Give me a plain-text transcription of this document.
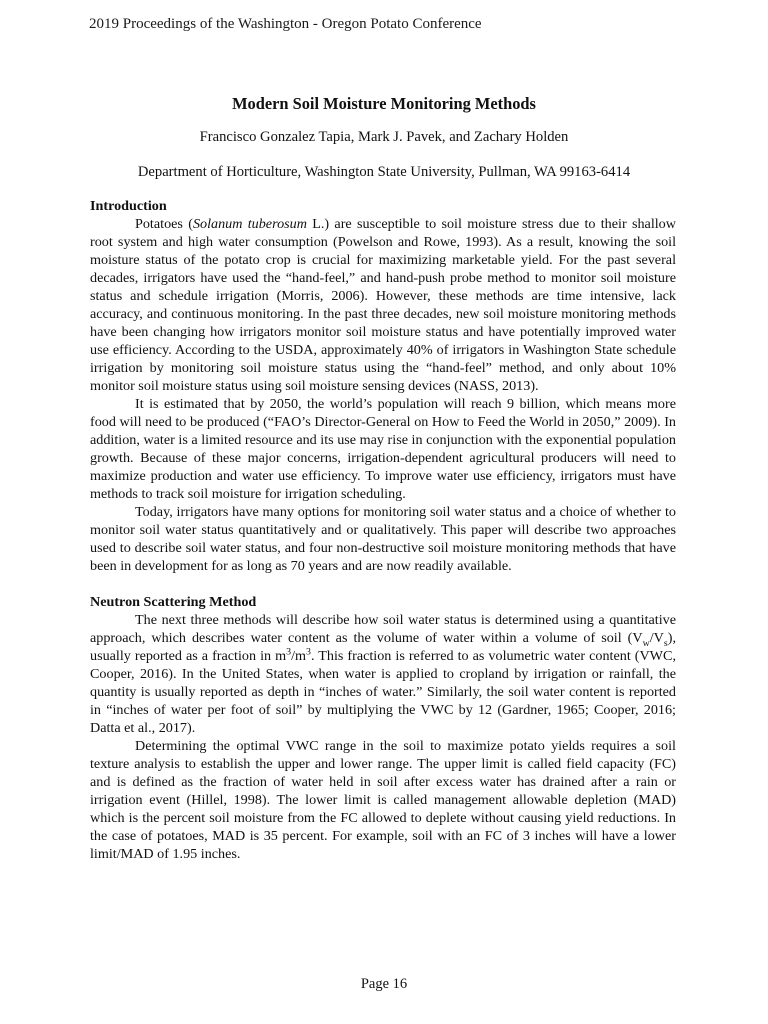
2019 Proceedings of the Washington - Oregon Potato Conference
Modern Soil Moisture Monitoring Methods
Francisco Gonzalez Tapia, Mark J. Pavek, and Zachary Holden
Department of Horticulture, Washington State University, Pullman, WA 99163-6414
Introduction

Potatoes (Solanum tuberosum L.) are susceptible to soil moisture stress due to their shallow root system and high water consumption (Powelson and Rowe, 1993). As a result, knowing the soil moisture status of the potato crop is crucial for maximizing marketable yield. For the past several decades, irrigators have used the “hand-feel,” and hand-push probe method to monitor soil moisture status and schedule irrigation (Morris, 2006). However, these methods are time intensive, lack accuracy, and continuous monitoring. In the past three decades, new soil moisture monitoring methods have been changing how irrigators monitor soil moisture status and have potentially improved water use efficiency. According to the USDA, approximately 40% of irrigators in Washington State schedule irrigation by monitoring soil moisture status using the “hand-feel” method, and only about 10% monitor soil moisture status using soil moisture sensing devices (NASS, 2013).

It is estimated that by 2050, the world’s population will reach 9 billion, which means more food will need to be produced (“FAO’s Director-General on How to Feed the World in 2050,” 2009). In addition, water is a limited resource and its use may rise in conjunction with the exponential population growth. Because of these major concerns, irrigation-dependent agricultural producers will need to maximize production and water use efficiency. To improve water use efficiency, irrigators must have methods to track soil moisture for irrigation scheduling.

Today, irrigators have many options for monitoring soil water status and a choice of whether to monitor soil water status quantitatively and or qualitatively. This paper will describe two approaches used to describe soil water status, and four non-destructive soil moisture monitoring methods that have been in development for as long as 70 years and are now readily available.

Neutron Scattering Method

The next three methods will describe how soil water status is determined using a quantitative approach, which describes water content as the volume of water within a volume of soil $(V_w/V_s)$, usually reported as a fraction in $m^3/m^3$. This fraction is referred to as volumetric water content (VWC, Cooper, 2016). In the United States, when water is applied to cropland by irrigation or rainfall, the quantity is usually reported as depth in “inches of water.” Similarly, the soil water content is reported in “inches of water per foot of soil” by multiplying the VWC by 12 (Gardner, 1965; Cooper, 2016; Datta et al., 2017).

Determining the optimal VWC range in the soil to maximize potato yields requires a soil texture analysis to establish the upper and lower range. The upper limit is called field capacity (FC) and is defined as the fraction of water held in soil after excess water has drained after a rain or irrigation event (Hillel, 1998). The lower limit is called management allowable depletion (MAD) which is the percent soil moisture from the FC allowed to deplete without causing yield reductions. In the case of potatoes, MAD is 35 percent. For example, soil with an FC of 3 inches will have a lower limit/MAD of 1.95 inches.

Page 16
